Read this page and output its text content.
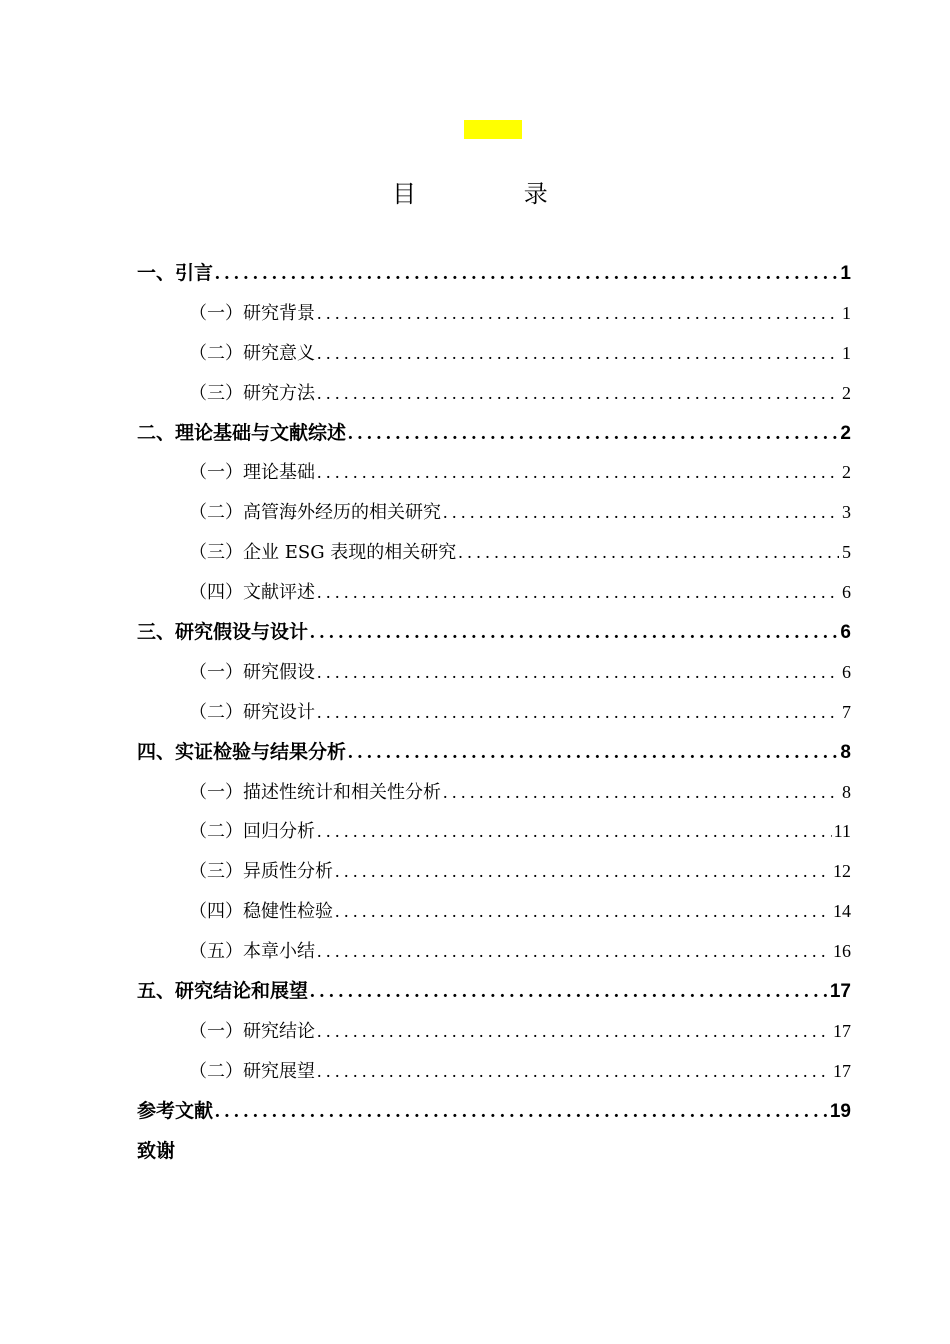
目 录
一、引言 . . .	1
（一）研究背景 . . .	1
（二）研究意义 . . .	1
（三）研究方法 . . .	2
二、理论基础与文献综述 . . .	2
（一）理论基础 . . .	2
（二）高管海外经历的相关研究 . . .	3
（三）企业 ESG 表现的相关研究 . . .	5
（四）文献评述 . . .	6
三、研究假设与设计 . . .	6
（一）研究假设 . . .	6
（二）研究设计 . . .	7
四、实证检验与结果分析 . . .	8
（一）描述性统计和相关性分析 . . .	8
（二）回归分析 . . .	11
（三）异质性分析 . . .	12
（四）稳健性检验 . . .	14
（五）本章小结 . . .	16
五、研究结论和展望 . . .	17
（一）研究结论 . . .	17
（二）研究展望 . . .	17
参考文献 . . .	19
致谢
